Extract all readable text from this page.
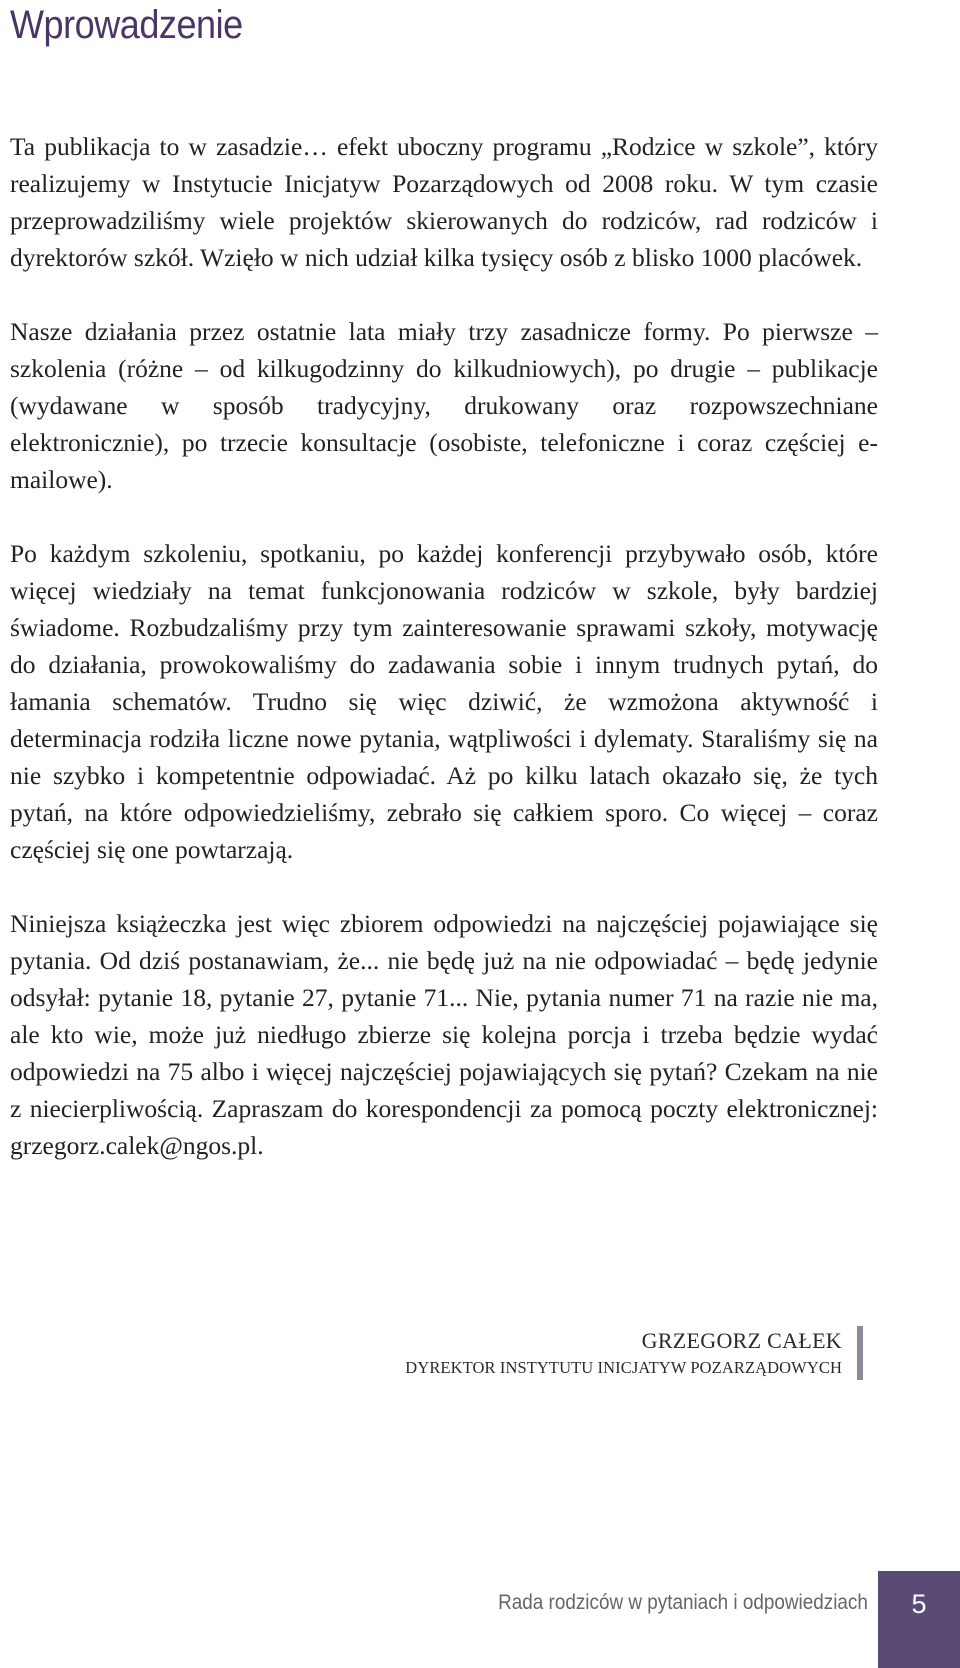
Wprowadzenie

Ta publikacja to w zasadzie… efekt uboczny programu „Rodzice w szkole”, który realizujemy w Instytucie Inicjatyw Pozarządowych od 2008 roku. W tym czasie przeprowadziliśmy wiele projektów skierowanych do rodziców, rad rodziców i dyrektorów szkół. Wzięło w nich udział kilka tysięcy osób z blisko 1000 placówek.

Nasze działania przez ostatnie lata miały trzy zasadnicze formy. Po pierwsze – szkolenia (różne – od kilkugodzinny do kilkudniowych), po drugie – publikacje (wydawane w sposób tradycyjny, drukowany oraz rozpowszechniane elektronicznie), po trzecie konsultacje (osobiste, telefoniczne i coraz częściej e-mailowe).

Po każdym szkoleniu, spotkaniu, po każdej konferencji przybywało osób, które więcej wiedziały na temat funkcjonowania rodziców w szkole, były bardziej świadome. Rozbudzaliśmy przy tym zainteresowanie sprawami szkoły, motywację do działania, prowokowaliśmy do zadawania sobie i innym trudnych pytań, do łamania schematów. Trudno się więc dziwić, że wzmożona aktywność i determinacja rodziła liczne nowe pytania, wątpliwości i dylematy. Staraliśmy się na nie szybko i kompetentnie odpowiadać. Aż po kilku latach okazało się, że tych pytań, na które odpowiedzieliśmy, zebrało się całkiem sporo. Co więcej – coraz częściej się one powtarzają.

Niniejsza książeczka jest więc zbiorem odpowiedzi na najczęściej pojawiające się pytania. Od dziś postanawiam, że... nie będę już na nie odpowiadać – będę jedynie odsyłał: pytanie 18, pytanie 27, pytanie 71... Nie, pytania numer 71 na razie nie ma, ale kto wie, może już niedługo zbierze się kolejna porcja i trzeba będzie wydać odpowiedzi na 75 albo i więcej najczęściej pojawiających się pytań? Czekam na nie z niecierpliwością. Zapraszam do korespondencji za pomocą poczty elektronicznej: grzegorz.calek@ngos.pl.

GRZEGORZ CAŁEK
DYREKTOR INSTYTUTU INICJATYW POZARZĄDOWYCH
Rada rodziców w pytaniach i odpowiedziach	5
